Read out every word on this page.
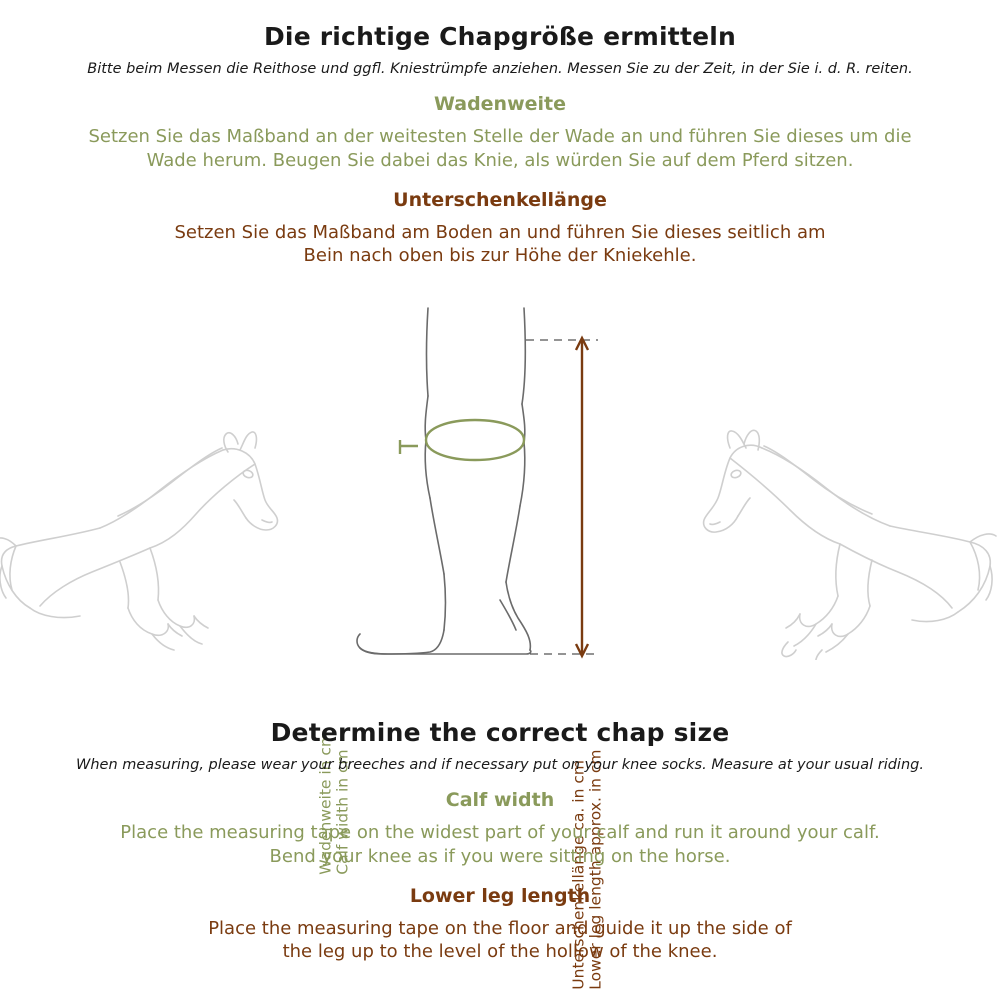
Die richtige Chapgröße ermitteln
Bitte beim Messen die Reithose und ggfl. Kniestrümpfe anziehen. Messen Sie zu der Zeit, in der Sie i. d. R. reiten.
Wadenweite
Setzen Sie das Maßband an der weitesten Stelle der Wade an und führen Sie dieses um die
Wade herum. Beugen Sie dabei das Knie, als würden Sie auf dem Pferd sitzen.
Unterschenkellänge
Setzen Sie das Maßband am Boden an und führen Sie dieses seitlich am
Bein nach oben bis zur Höhe der Kniekehle.
Wadenweite in cm Calf width in cm	Unterschenkellänge ca. in cm Lower leg length approx. in cm
Determine the correct chap size
When measuring, please wear your breeches and if necessary put on your knee socks. Measure at your usual riding.
Calf width
Place the measuring tape on the widest part of your calf and run it around your calf.
Bend your knee as if you were sitting on the horse.
Lower leg length
Place the measuring tape on the floor and guide it up the side of
the leg up to the level of the hollow of the knee.
